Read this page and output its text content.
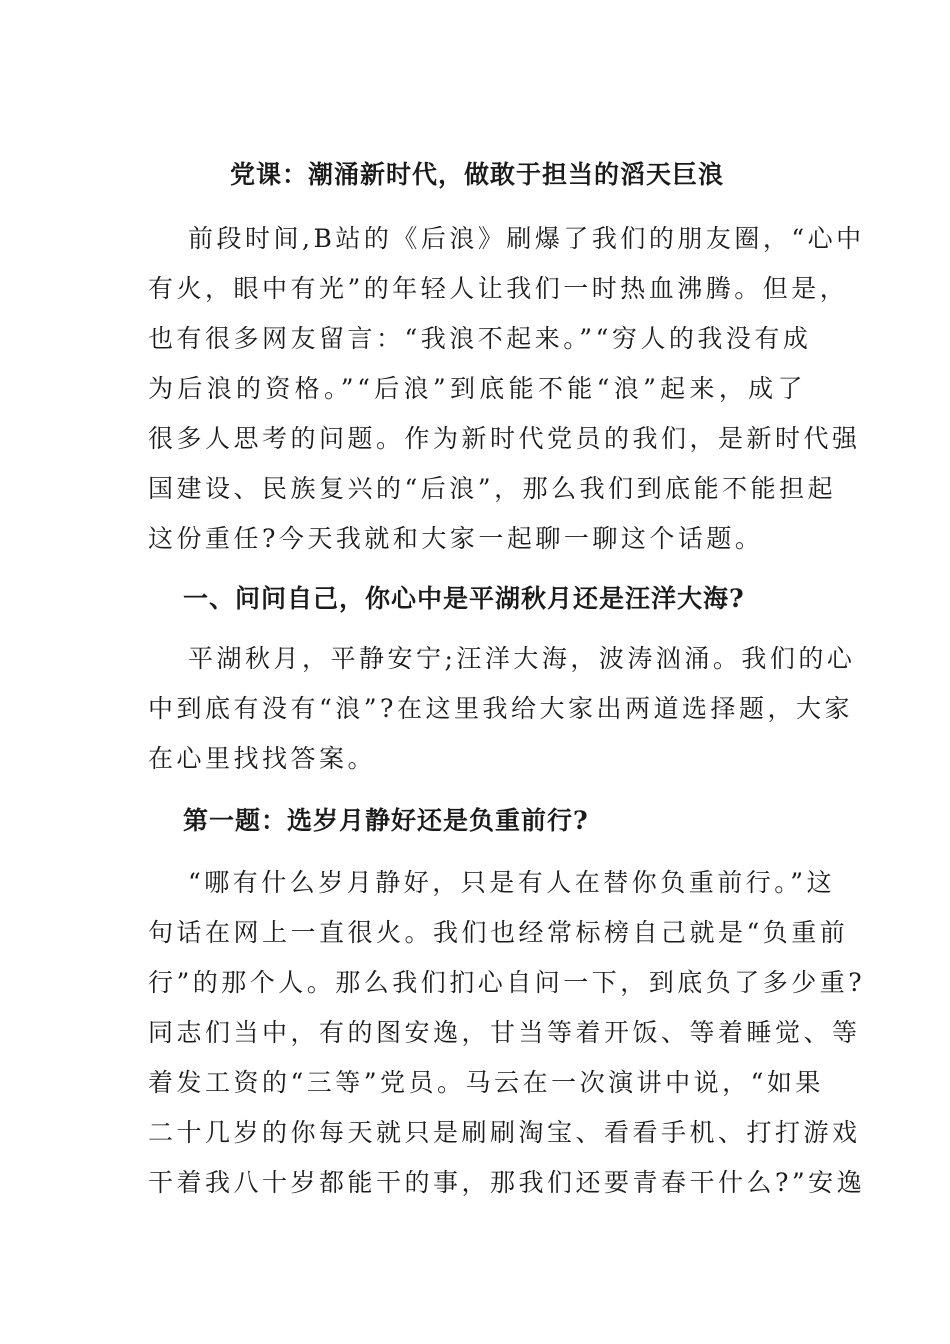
党课：潮涌新时代，做敢于担当的滔天巨浪
前段时间,B站的《后浪》刷爆了我们的朋友圈，“心中
有火，眼中有光”的年轻人让我们一时热血沸腾。但是，
也有很多网友留言：“我浪不起来。”“穷人的我没有成
为后浪的资格。”“后浪”到底能不能“浪”起来，成了
很多人思考的问题。作为新时代党员的我们，是新时代强
国建设、民族复兴的“后浪”，那么我们到底能不能担起
这份重任?今天我就和大家一起聊一聊这个话题。
一、问问自己，你心中是平湖秋月还是汪洋大海?
平湖秋月，平静安宁;汪洋大海，波涛汹涌。我们的心
中到底有没有“浪”?在这里我给大家出两道选择题，大家
在心里找找答案。
第一题：选岁月静好还是负重前行?
“哪有什么岁月静好，只是有人在替你负重前行。”这
句话在网上一直很火。我们也经常标榜自己就是“负重前
行”的那个人。那么我们扪心自问一下，到底负了多少重?
同志们当中，有的图安逸，甘当等着开饭、等着睡觉、等
着发工资的“三等”党员。马云在一次演讲中说，“如果
二十几岁的你每天就只是刷刷淘宝、看看手机、打打游戏
干着我八十岁都能干的事，那我们还要青春干什么?”安逸
